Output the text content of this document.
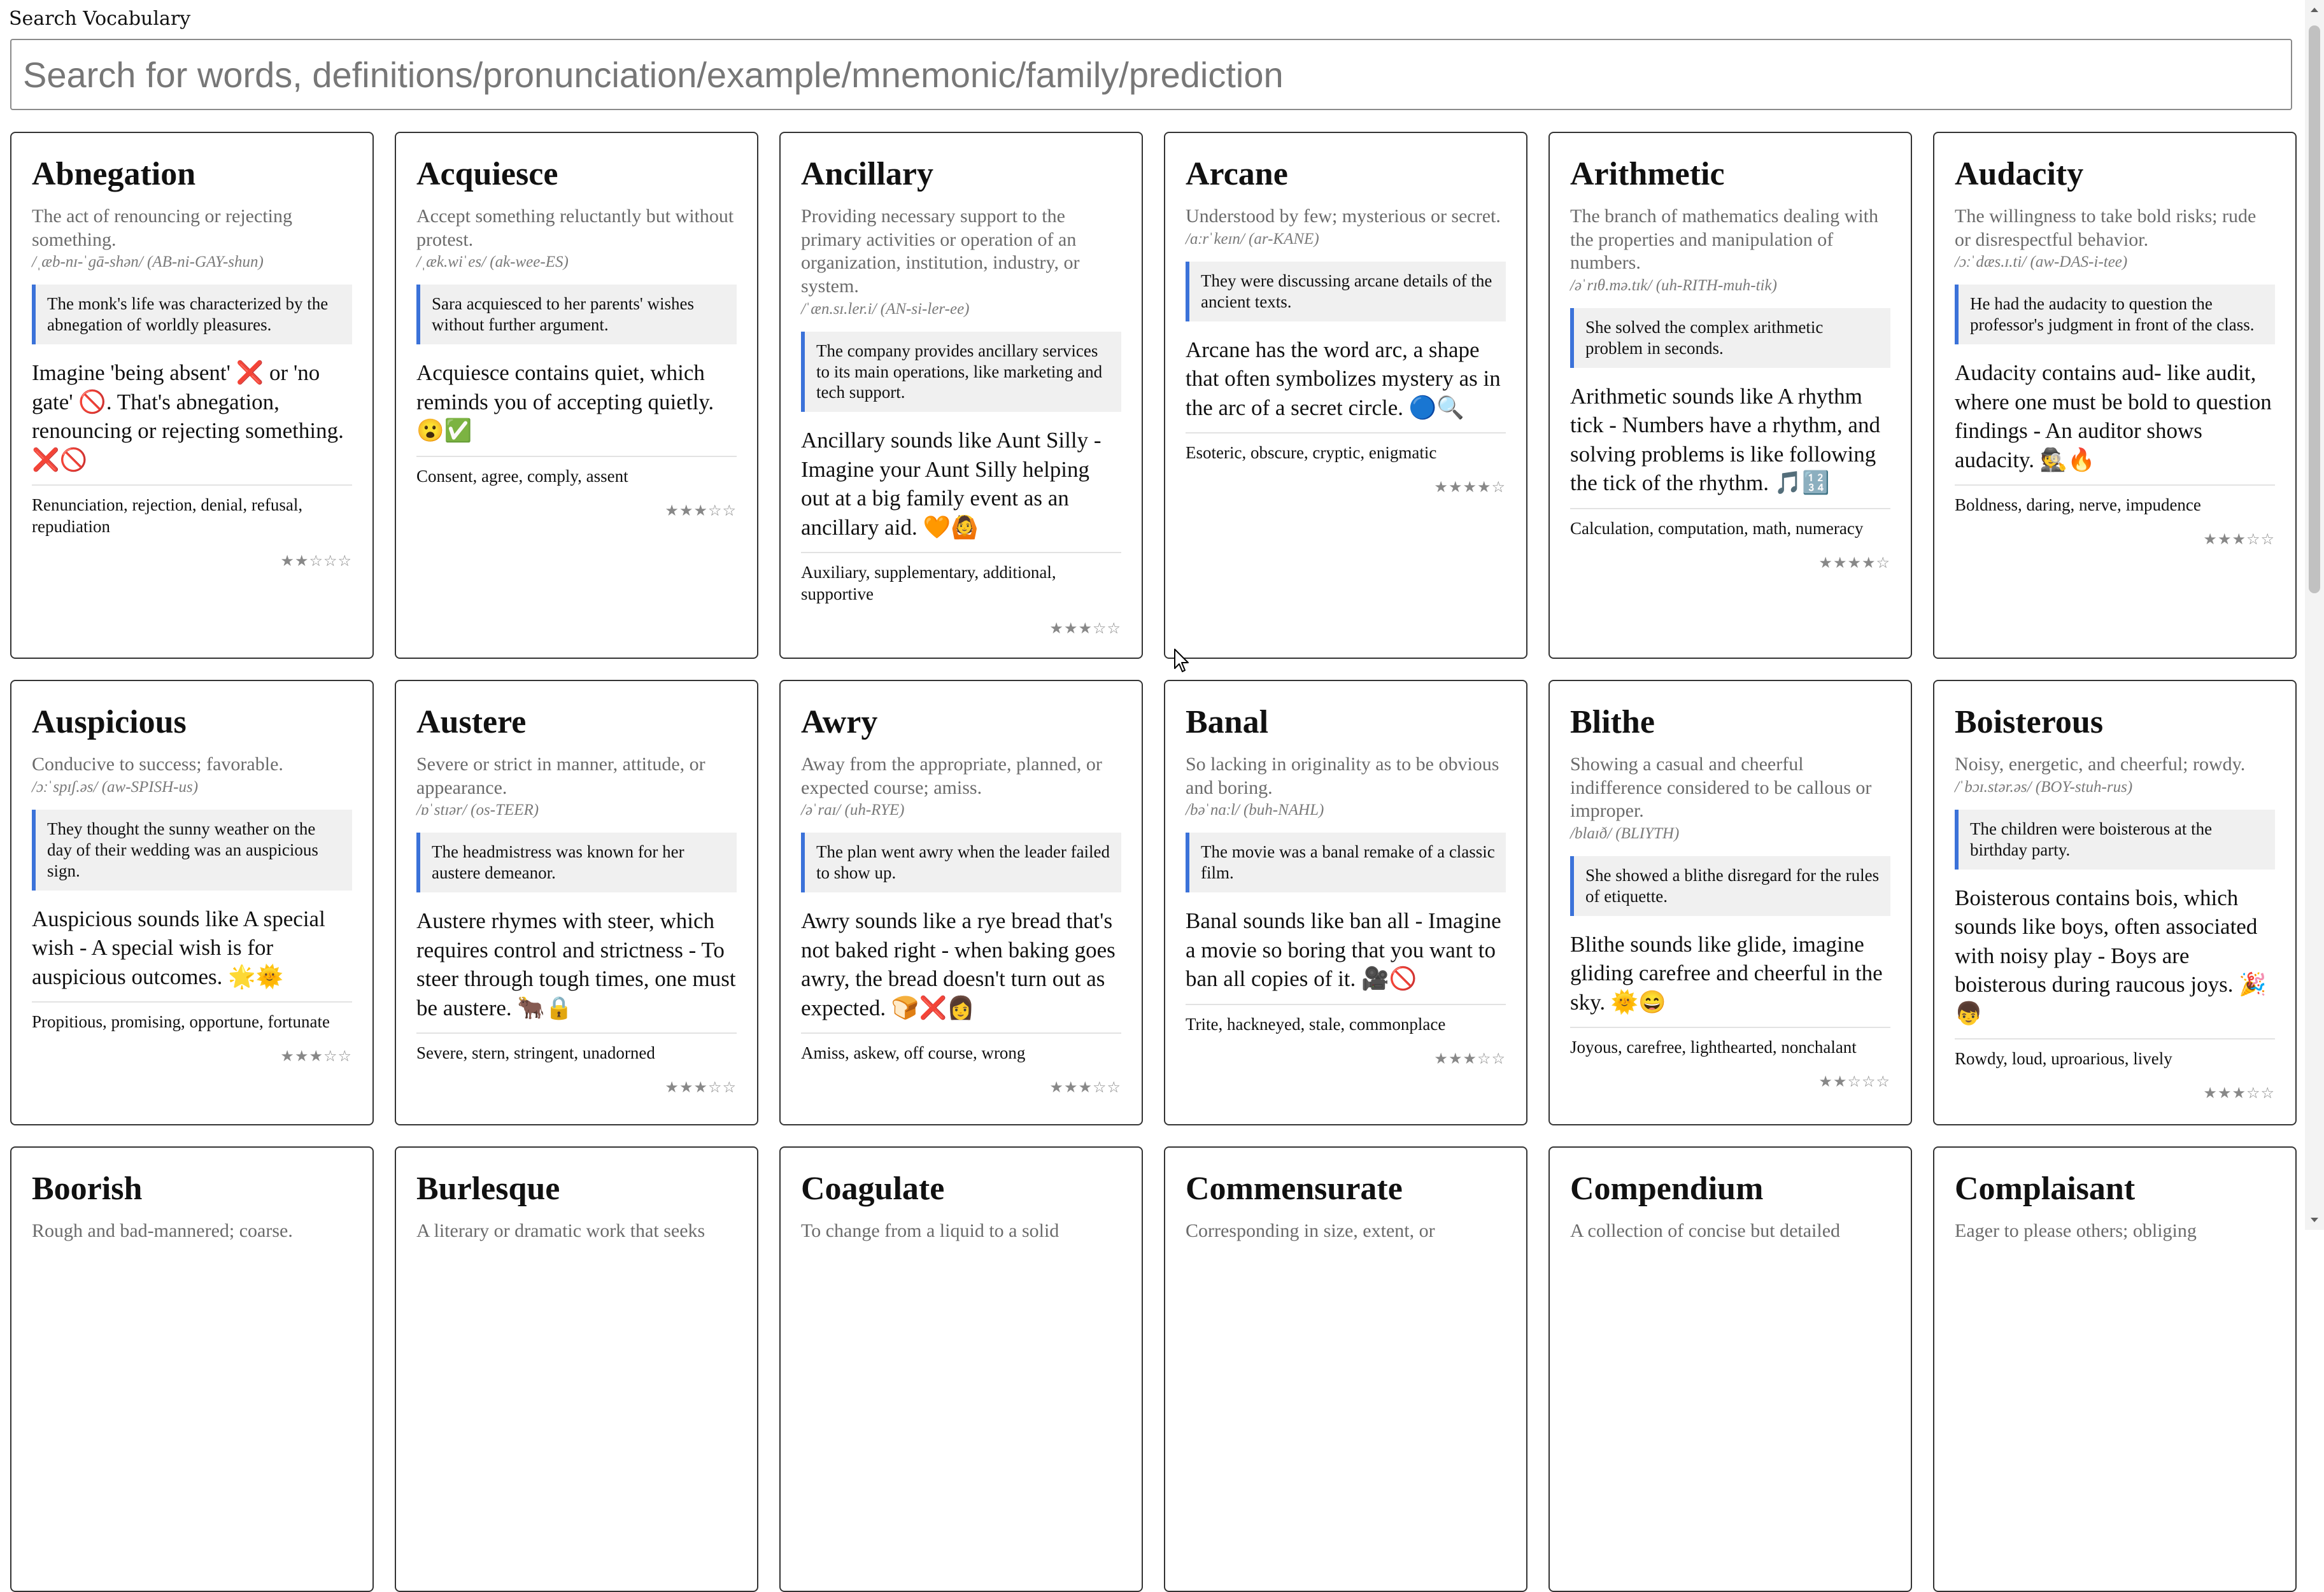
Search Vocabulary
Search for words, definitions/pronunciation/example/mnemonic/family/prediction
Abnegation
The act of renouncing or rejecting something.
/ˌæb-nɪ-ˈgā-shən/ (AB-ni-GAY-shun)
The monk's life was characterized by the abnegation of worldly pleasures.
Imagine 'being absent' ❌ or 'no gate' 🚫. That's abnegation, renouncing or rejecting something. ❌🚫
Renunciation, rejection, denial, refusal, repudiation
★★☆☆☆
Acquiesce
Accept something reluctantly but without protest.
/ˌæk.wiˈes/ (ak-wee-ES)
Sara acquiesced to her parents' wishes without further argument.
Acquiesce contains quiet, which reminds you of accepting quietly. 😮✅
Consent, agree, comply, assent
★★★☆☆
Ancillary
Providing necessary support to the primary activities or operation of an organization, institution, industry, or system.
/ˈæn.sɪ.ler.i/ (AN-si-ler-ee)
The company provides ancillary services to its main operations, like marketing and tech support.
Ancillary sounds like Aunt Silly - Imagine your Aunt Silly helping out at a big family event as an ancillary aid. 🧡🙆
Auxiliary, supplementary, additional, supportive
★★★☆☆
Arcane
Understood by few; mysterious or secret.
/ɑːrˈkeɪn/ (ar-KANE)
They were discussing arcane details of the ancient texts.
Arcane has the word arc, a shape that often symbolizes mystery as in the arc of a secret circle. 🔵🔍
Esoteric, obscure, cryptic, enigmatic
★★★★☆
Arithmetic
The branch of mathematics dealing with the properties and manipulation of numbers.
/əˈrɪθ.mə.tɪk/ (uh-RITH-muh-tik)
She solved the complex arithmetic problem in seconds.
Arithmetic sounds like A rhythm tick - Numbers have a rhythm, and solving problems is like following the tick of the rhythm. 🎵🔢
Calculation, computation, math, numeracy
★★★★☆
Audacity
The willingness to take bold risks; rude or disrespectful behavior.
/ɔːˈdæs.ɪ.ti/ (aw-DAS-i-tee)
He had the audacity to question the professor's judgment in front of the class.
Audacity contains aud- like audit, where one must be bold to question findings - An auditor shows audacity. 🕵🔥
Boldness, daring, nerve, impudence
★★★☆☆
Auspicious
Conducive to success; favorable.
/ɔːˈspɪʃ.əs/ (aw-SPISH-us)
They thought the sunny weather on the day of their wedding was an auspicious sign.
Auspicious sounds like A special wish - A special wish is for auspicious outcomes. 🌟🌞
Propitious, promising, opportune, fortunate
★★★☆☆
Austere
Severe or strict in manner, attitude, or appearance.
/ɒˈstɪər/ (os-TEER)
The headmistress was known for her austere demeanor.
Austere rhymes with steer, which requires control and strictness - To steer through tough times, one must be austere. 🐂🔒
Severe, stern, stringent, unadorned
★★★☆☆
Awry
Away from the appropriate, planned, or expected course; amiss.
/əˈraɪ/ (uh-RYE)
The plan went awry when the leader failed to show up.
Awry sounds like a rye bread that's not baked right - when baking goes awry, the bread doesn't turn out as expected. 🍞❌👩
Amiss, askew, off course, wrong
★★★☆☆
Banal
So lacking in originality as to be obvious and boring.
/bəˈnɑːl/ (buh-NAHL)
The movie was a banal remake of a classic film.
Banal sounds like ban all - Imagine a movie so boring that you want to ban all copies of it. 🎥🚫
Trite, hackneyed, stale, commonplace
★★★☆☆
Blithe
Showing a casual and cheerful indifference considered to be callous or improper.
/blaɪð/ (BLIYTH)
She showed a blithe disregard for the rules of etiquette.
Blithe sounds like glide, imagine gliding carefree and cheerful in the sky. 🌞😄
Joyous, carefree, lighthearted, nonchalant
★★☆☆☆
Boisterous
Noisy, energetic, and cheerful; rowdy.
/ˈbɔɪ.stər.əs/ (BOY-stuh-rus)
The children were boisterous at the birthday party.
Boisterous contains bois, which sounds like boys, often associated with noisy play - Boys are boisterous during raucous joys. 🎉👦
Rowdy, loud, uproarious, lively
★★★☆☆
Boorish
Rough and bad-mannered; coarse.
Burlesque
A literary or dramatic work that seeks
Coagulate
To change from a liquid to a solid
Commensurate
Corresponding in size, extent, or
Compendium
A collection of concise but detailed
Complaisant
Eager to please others; obliging
